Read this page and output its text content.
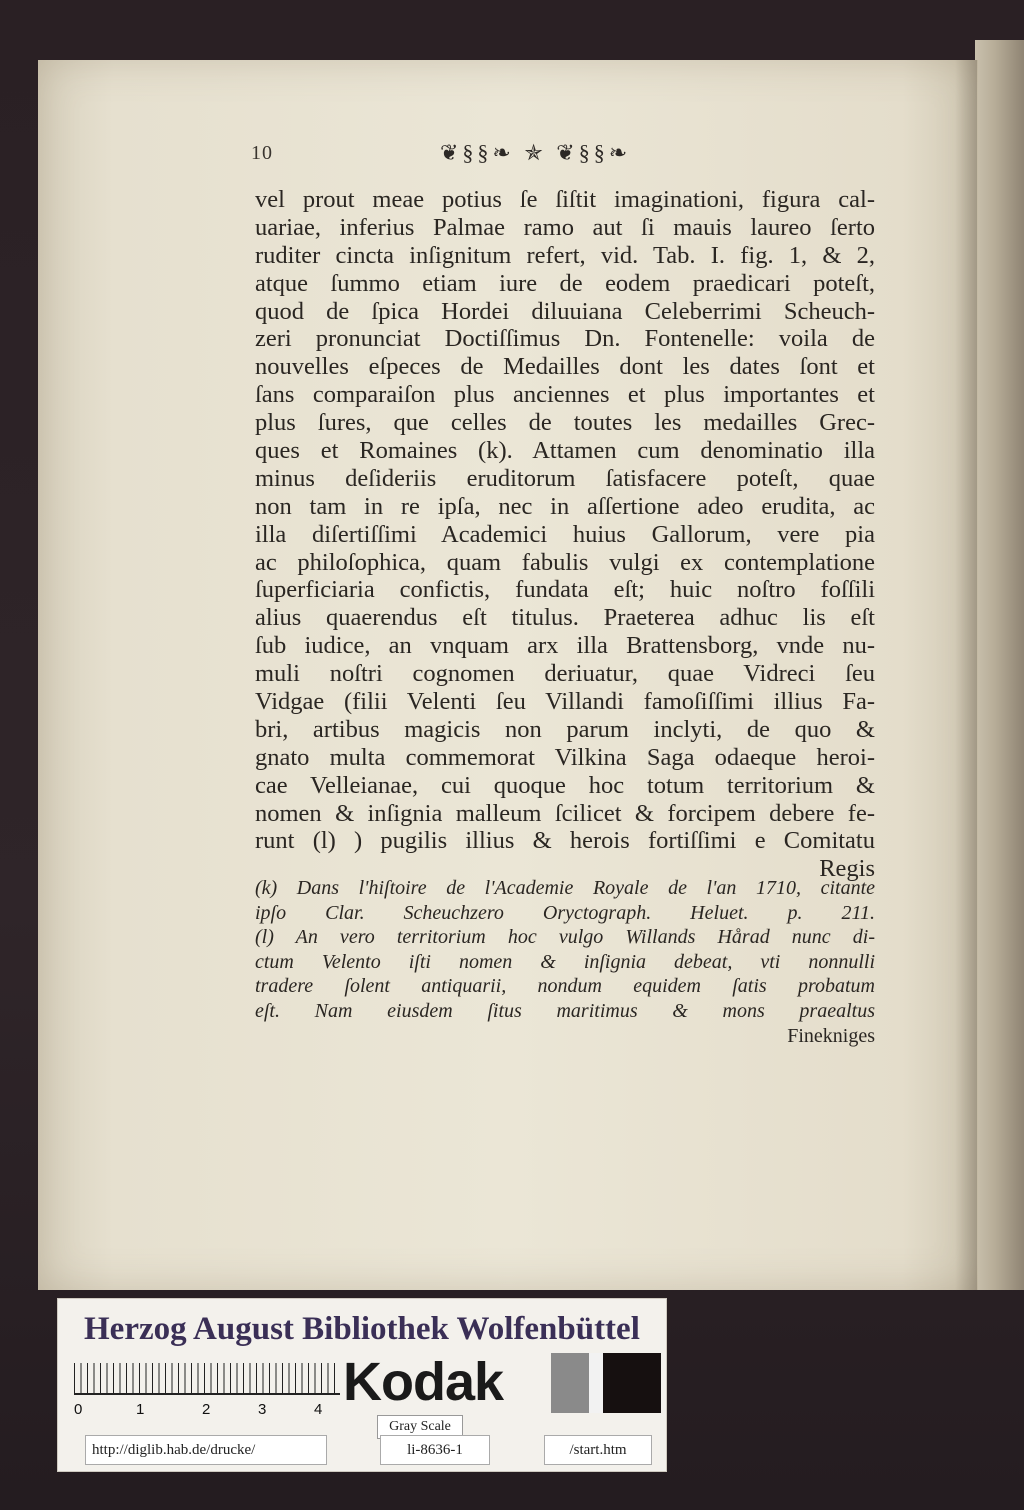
10	❦§§❧ ✯ ❦§§❧
vel prout meae potius ſe ſiſtit imaginationi, figura cal-
uariae, inferius Palmae ramo aut ſi mauis laureo ſerto
ruditer cincta inſignitum refert, vid. Tab. I. fig. 1, & 2,
atque ſummo etiam iure de eodem praedicari poteſt,
quod de ſpica Hordei diluuiana Celeberrimi Scheuch-
zeri pronunciat Doctiſſimus Dn. Fontenelle: voila de
nouvelles eſpeces de Medailles dont les dates ſont et
ſans comparaiſon plus anciennes et plus importantes et
plus ſures, que celles de toutes les medailles Grec-
ques et Romaines (k). Attamen cum denominatio illa
minus deſideriis eruditorum ſatisfacere poteſt, quae
non tam in re ipſa, nec in aſſertione adeo erudita, ac
illa diſertiſſimi Academici huius Gallorum, vere pia
ac philoſophica, quam fabulis vulgi ex contemplatione
ſuperficiaria confictis, fundata eſt; huic noſtro foſſili
alius quaerendus eſt titulus. Praeterea adhuc lis eſt
ſub iudice, an vnquam arx illa Brattensborg, vnde nu-
muli noſtri cognomen deriuatur, quae Vidreci ſeu
Vidgae (filii Velenti ſeu Villandi famoſiſſimi illius Fa-
bri, artibus magicis non parum inclyti, de quo &
gnato multa commemorat Vilkina Saga odaeque heroi-
cae Velleianae, cui quoque hoc totum territorium &
nomen & inſignia malleum ſcilicet & forcipem debere fe-
runt (l) ) pugilis illius & herois fortiſſimi e Comitatu
Regis
(k) Dans l'hiſtoire de l'Academie Royale de l'an 1710, citante
ipſo Clar. Scheuchzero Oryctograph. Heluet. p. 211.
(l) An vero territorium hoc vulgo Willands Hårad nunc di-
ctum Velento iſti nomen & inſignia debeat, vti nonnulli
tradere ſolent antiquarii, nondum equidem ſatis probatum
eſt. Nam eiusdem ſitus maritimus & mons praealtus
Finekniges
Herzog August Bibliothek Wolfenbüttel
0	1	2	3	4 Kodak
Gray Scale
http://diglib.hab.de/drucke/	li-8636-1	/start.htm
